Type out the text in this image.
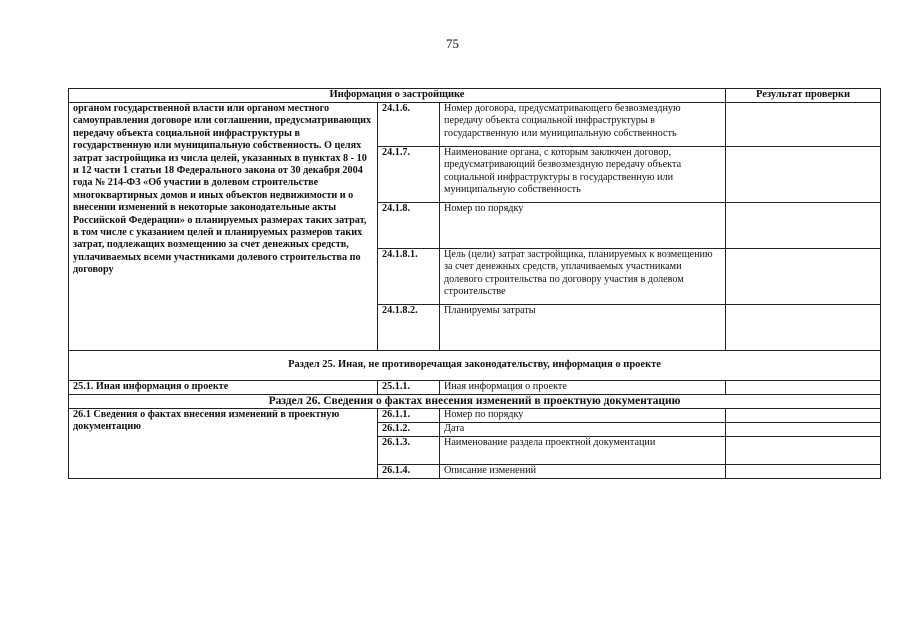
75
Информация о застройщике			Результат проверки
органом государственной власти или органом местного самоуправления договоре или соглашении, предусматривающих передачу объекта социальной инфраструктуры в государственную или муниципальную собственность. О целях затрат застройщика из числа целей, указанных в пунктах 8 - 10 и 12 части 1 статьи 18 Федерального закона от 30 декабря 2004 года № 214-ФЗ «Об участии в долевом строительстве многоквартирных домов и иных объектов недвижимости и о внесении изменений в некоторые законодательные акты Российской Федерации» о планируемых размерах таких затрат, в том числе с указанием целей и планируемых размеров таких затрат, подлежащих возмещению за счет денежных средств, уплачиваемых всеми участниками долевого строительства по договору	24.1.6.	Номер договора, предусматривающего безвозмездную передачу объекта социальной инфраструктуры в государственную или муниципальную собственность	
	24.1.7.	Наименование органа, с которым заключен договор, предусматривающий безвозмездную передачу объекта социальной инфраструктуры в государственную или муниципальную собственность	
	24.1.8.	Номер по порядку	
	24.1.8.1.	Цель (цели) затрат застройщика, планируемых к возмещению за счет денежных средств, уплачиваемых участниками долевого строительства по договору участия в долевом строительстве	
	24.1.8.2.	Планируемы затраты	
Раздел 25. Иная, не противоречащая законодательству, информация о проекте			
25.1. Иная информация о проекте	25.1.1.	Иная информация о проекте	
Раздел 26. Сведения о фактах внесения изменений в проектную документацию			
26.1 Сведения о фактах внесения изменений в проектную документацию	26.1.1.	Номер по порядку	
	26.1.2.	Дата	
	26.1.3.	Наименование раздела проектной документации	
	26.1.4.	Описание изменений	
